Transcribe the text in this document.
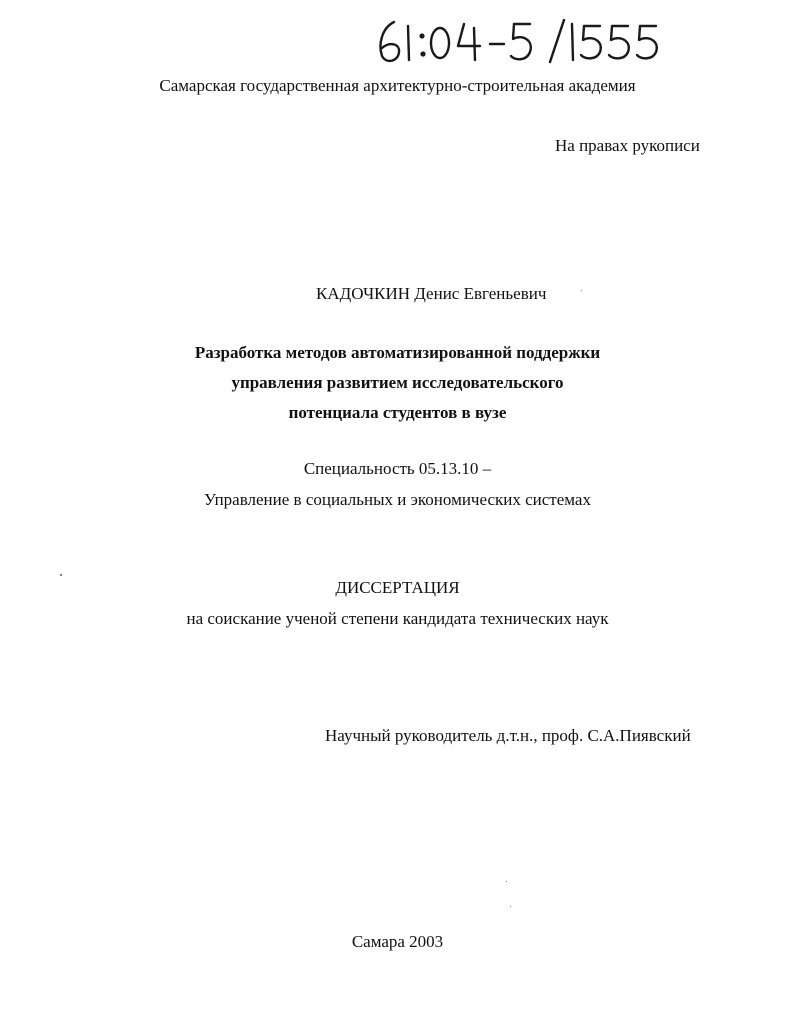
Самарская государственная архитектурно-строительная академия
На правах рукописи
КАДОЧКИН Денис Евгеньевич
Разработка методов автоматизированной поддержки
управления развитием исследовательского
потенциала студентов в вузе
Специальность 05.13.10 –
Управление в социальных и экономических системах
ДИССЕРТАЦИЯ
на соискание ученой степени кандидата технических наук
Научный руководитель д.т.н., проф. С.А.Пиявский
Самара 2003
